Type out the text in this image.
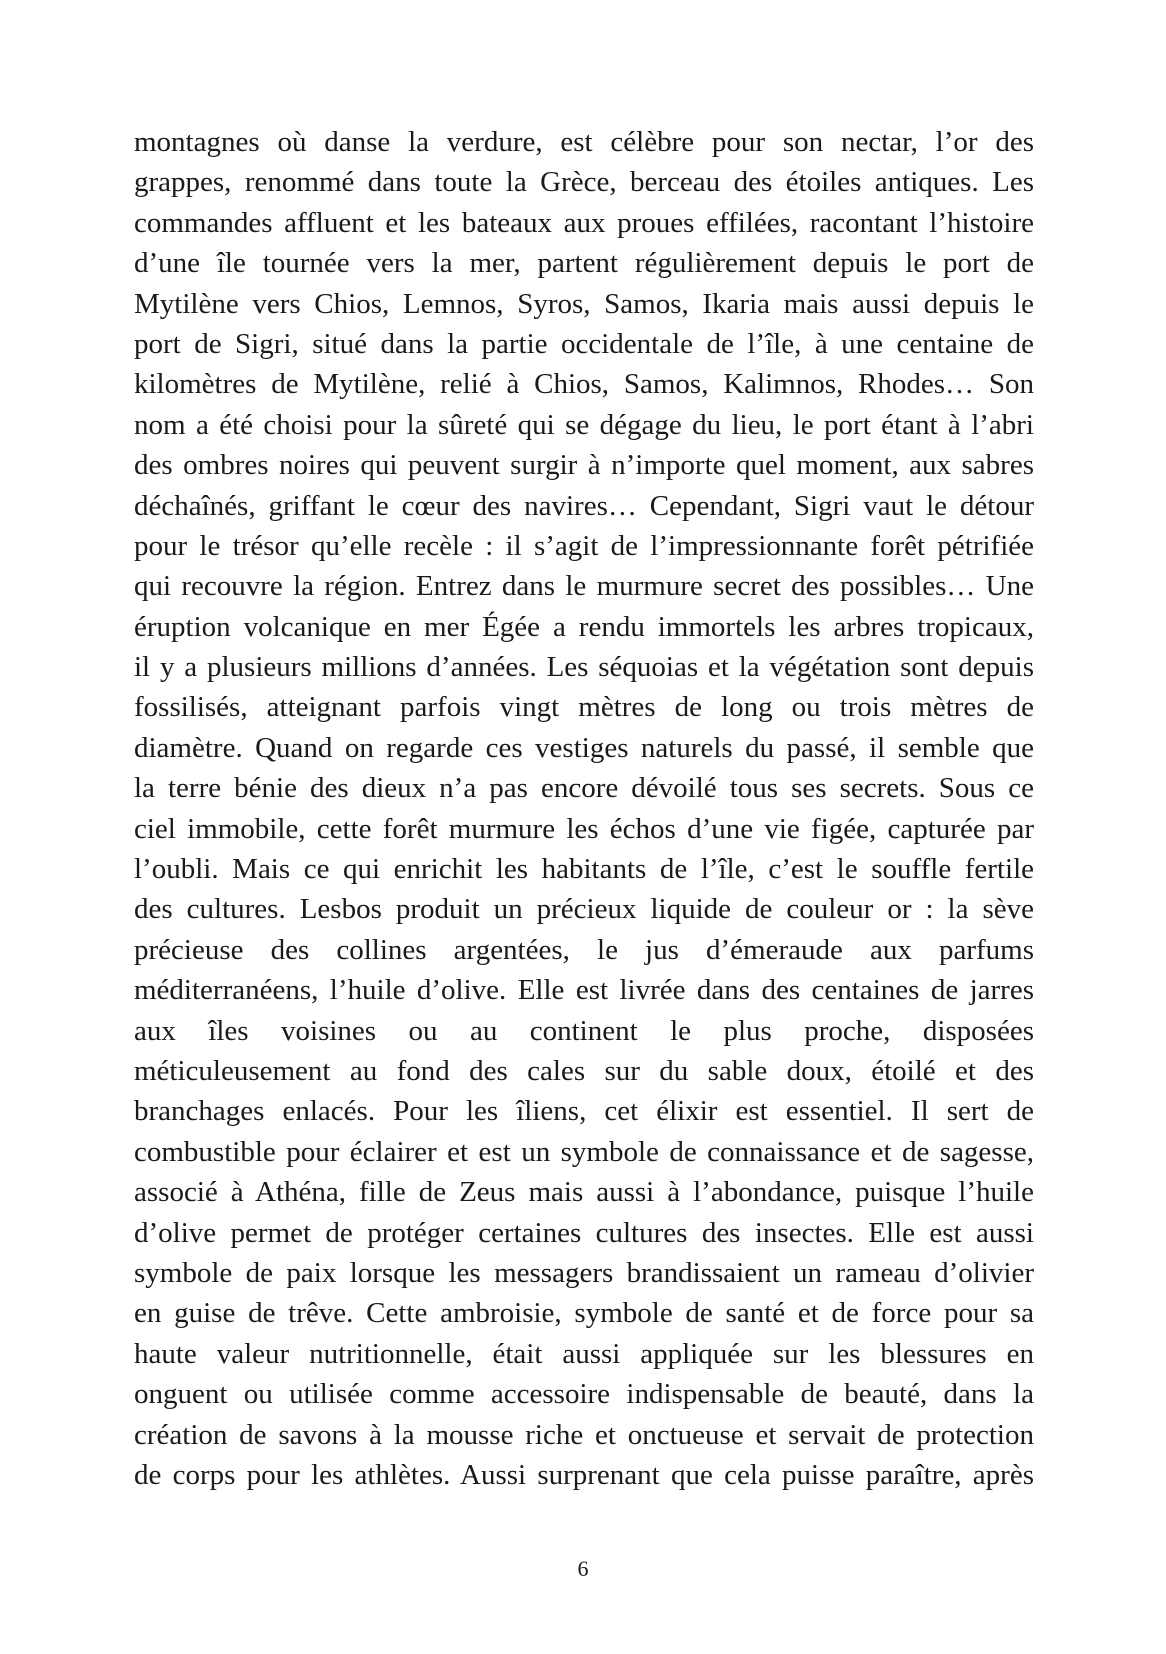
montagnes où danse la verdure, est célèbre pour son nectar, l’or des
grappes, renommé dans toute la Grèce, berceau des étoiles antiques. Les
commandes affluent et les bateaux aux proues effilées, racontant l’histoire
d’une île tournée vers la mer, partent régulièrement depuis le port de
Mytilène vers Chios, Lemnos, Syros, Samos, Ikaria mais aussi depuis le
port de Sigri, situé dans la partie occidentale de l’île, à une centaine de
kilomètres de Mytilène, relié à Chios, Samos, Kalimnos, Rhodes… Son
nom a été choisi pour la sûreté qui se dégage du lieu, le port étant à l’abri
des ombres noires qui peuvent surgir à n’importe quel moment, aux sabres
déchaînés, griffant le cœur des navires… Cependant, Sigri vaut le détour
pour le trésor qu’elle recèle : il s’agit de l’impressionnante forêt pétrifiée
qui recouvre la région. Entrez dans le murmure secret des possibles… Une
éruption volcanique en mer Égée a rendu immortels les arbres tropicaux,
il y a plusieurs millions d’années. Les séquoias et la végétation sont depuis
fossilisés, atteignant parfois vingt mètres de long ou trois mètres de
diamètre. Quand on regarde ces vestiges naturels du passé, il semble que
la terre bénie des dieux n’a pas encore dévoilé tous ses secrets. Sous ce
ciel immobile, cette forêt murmure les échos d’une vie figée, capturée par
l’oubli. Mais ce qui enrichit les habitants de l’île, c’est le souffle fertile
des cultures. Lesbos produit un précieux liquide de couleur or : la sève
précieuse des collines argentées, le jus d’émeraude aux parfums
méditerranéens, l’huile d’olive. Elle est livrée dans des centaines de jarres
aux îles voisines ou au continent le plus proche, disposées
méticuleusement au fond des cales sur du sable doux, étoilé et des
branchages enlacés. Pour les îliens, cet élixir est essentiel. Il sert de
combustible pour éclairer et est un symbole de connaissance et de sagesse,
associé à Athéna, fille de Zeus mais aussi à l’abondance, puisque l’huile
d’olive permet de protéger certaines cultures des insectes. Elle est aussi
symbole de paix lorsque les messagers brandissaient un rameau d’olivier
en guise de trêve. Cette ambroisie, symbole de santé et de force pour sa
haute valeur nutritionnelle, était aussi appliquée sur les blessures en
onguent ou utilisée comme accessoire indispensable de beauté, dans la
création de savons à la mousse riche et onctueuse et servait de protection
de corps pour les athlètes. Aussi surprenant que cela puisse paraître, après
6
